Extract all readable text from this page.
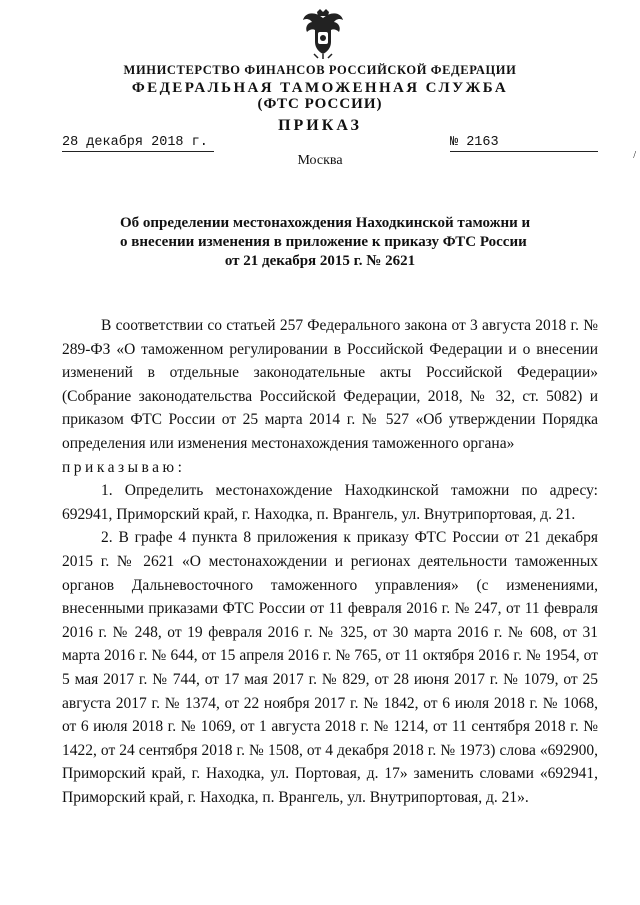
МИНИСТЕРСТВО ФИНАНСОВ РОССИЙСКОЙ ФЕДЕРАЦИИ
ФЕДЕРАЛЬНАЯ ТАМОЖЕННАЯ СЛУЖБА
(ФТС РОССИИ)
ПРИКАЗ
28 декабря 2018 г.	№ 2163
Москва	/
Об определении местонахождения Находкинской таможни и
о внесении изменения в приложение к приказу ФТС России
от 21 декабря 2015 г. № 2621

В соответствии со статьей 257 Федерального закона от 3 августа 2018 г. № 289-ФЗ «О таможенном регулировании в Российской Федерации и о внесении изменений в отдельные законодательные акты Российской Федерации» (Собрание законодательства Российской Федерации, 2018, № 32, ст. 5082) и приказом ФТС России от 25 марта 2014 г. № 527 «Об утверждении Порядка определения или изменения местонахождения таможенного органа»

приказываю:

1. Определить местонахождение Находкинской таможни по адресу: 692941, Приморский край, г. Находка, п. Врангель, ул. Внутрипортовая, д. 21.

2. В графе 4 пункта 8 приложения к приказу ФТС России от 21 декабря 2015 г. № 2621 «О местонахождении и регионах деятельности таможенных органов Дальневосточного таможенного управления» (с изменениями, внесенными приказами ФТС России от 11 февраля 2016 г. № 247, от 11 февраля 2016 г. № 248, от 19 февраля 2016 г. № 325, от 30 марта 2016 г. № 608, от 31 марта 2016 г. № 644, от 15 апреля 2016 г. № 765, от 11 октября 2016 г. № 1954, от 5 мая 2017 г. № 744, от 17 мая 2017 г. № 829, от 28 июня 2017 г. № 1079, от 25 августа 2017 г. № 1374, от 22 ноября 2017 г. № 1842, от 6 июля 2018 г. № 1068, от 6 июля 2018 г. № 1069, от 1 августа 2018 г. № 1214, от 11 сентября 2018 г. № 1422, от 24 сентября 2018 г. № 1508, от 4 декабря 2018 г. № 1973) слова «692900, Приморский край, г. Находка, ул. Портовая, д. 17» заменить словами «692941, Приморский край, г. Находка, п. Врангель, ул. Внутрипортовая, д. 21».
